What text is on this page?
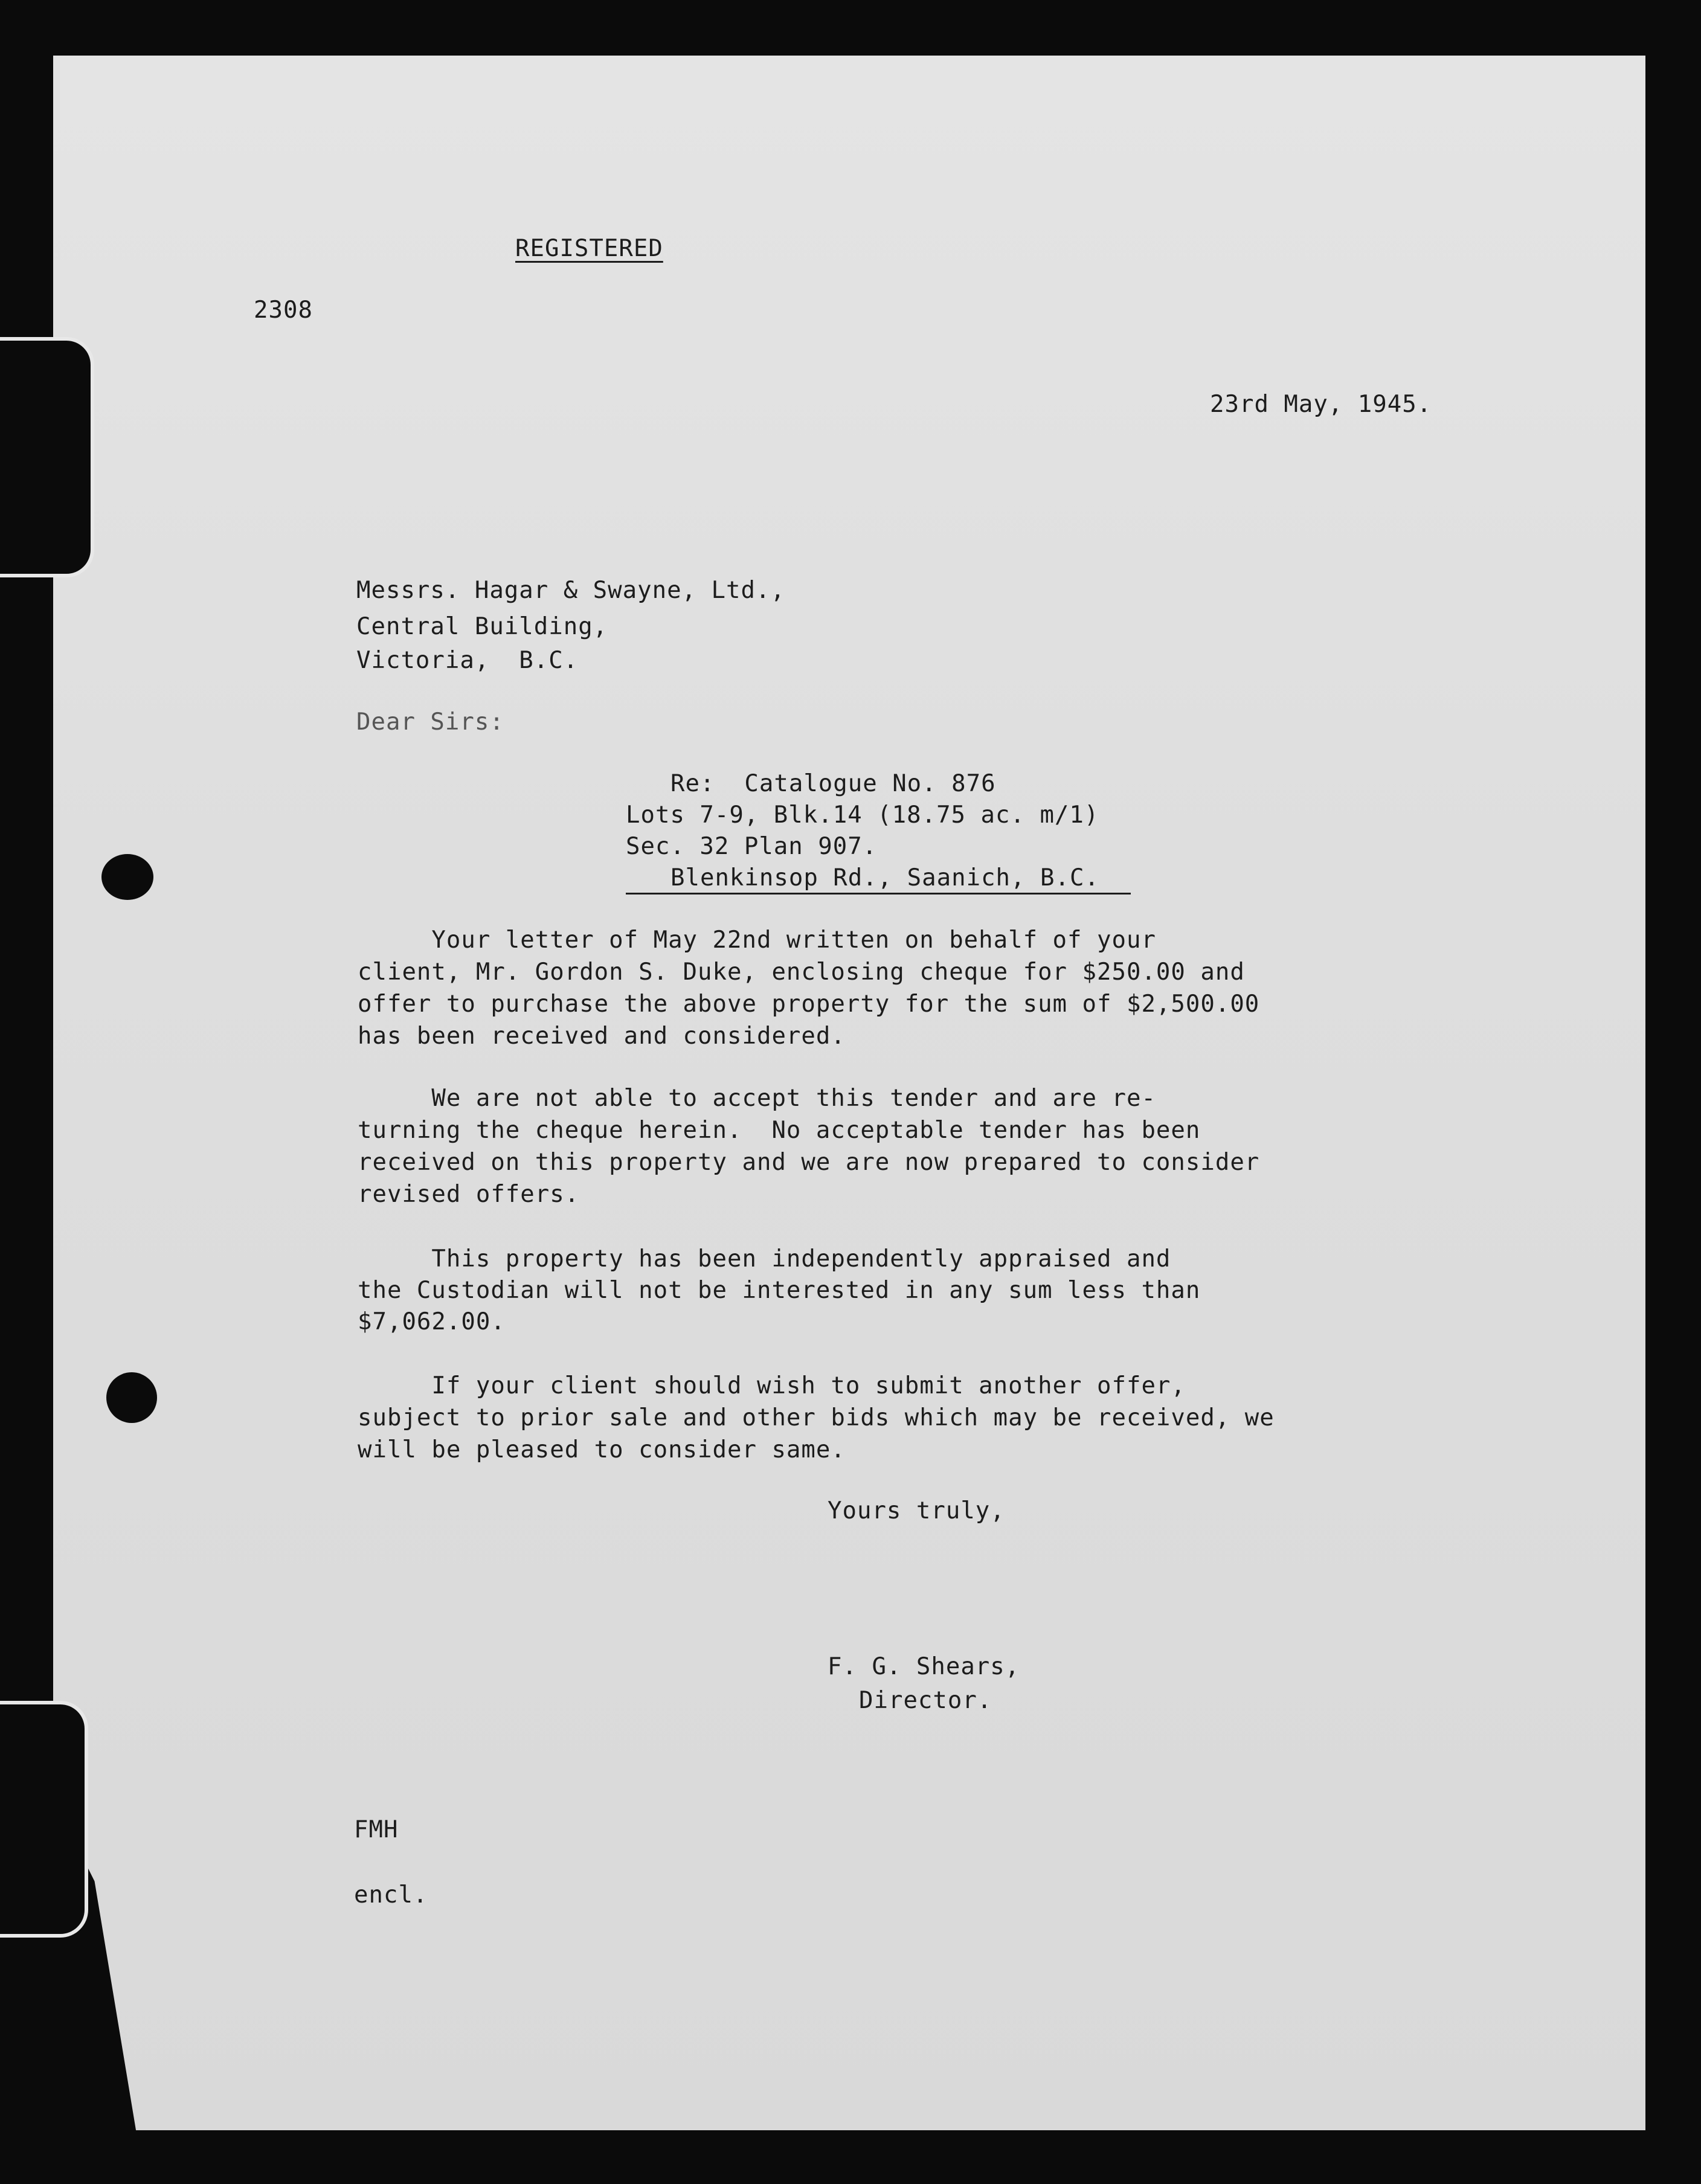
REGISTERED
2308
23rd May, 1945.
Messrs. Hagar & Swayne, Ltd.,
Central Building,
Victoria,  B.C.
Dear Sirs:
Re:  Catalogue No. 876
Lots 7-9, Blk.14 (18.75 ac. m/1)
Sec. 32 Plan 907.
Blenkinsop Rd., Saanich, B.C.
Your letter of May 22nd written on behalf of your
client, Mr. Gordon S. Duke, enclosing cheque for $250.00 and
offer to purchase the above property for the sum of $2,500.00
has been received and considered.
We are not able to accept this tender and are re-
turning the cheque herein.  No acceptable tender has been
received on this property and we are now prepared to consider
revised offers.
This property has been independently appraised and
the Custodian will not be interested in any sum less than
$7,062.00.
If your client should wish to submit another offer,
subject to prior sale and other bids which may be received, we
will be pleased to consider same.
Yours truly,
F. G. Shears,
Director.
FMH
encl.
